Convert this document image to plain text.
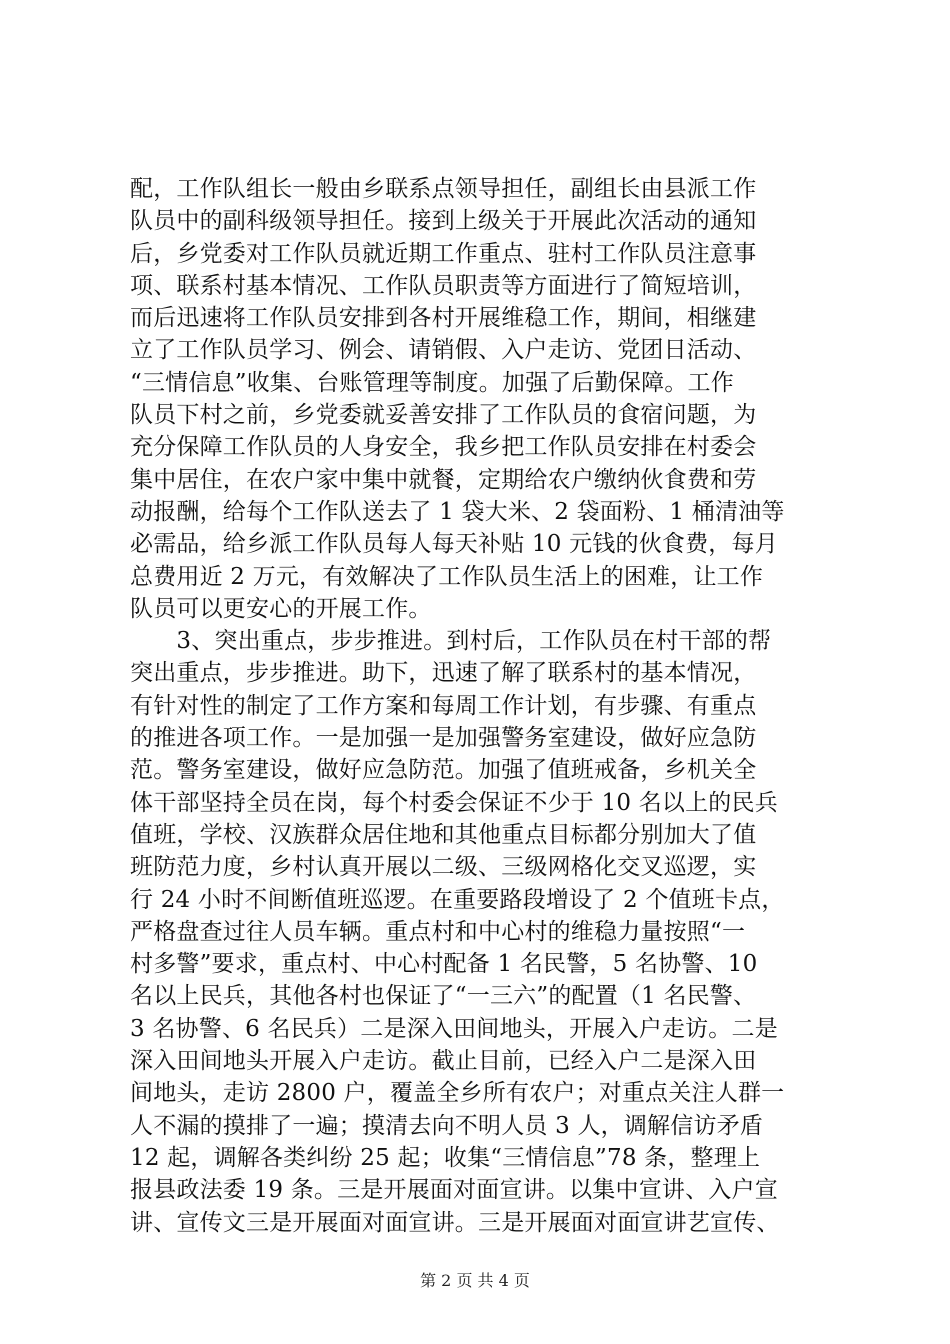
配，工作队组长一般由乡联系点领导担任，副组长由县派工作
队员中的副科级领导担任。接到上级关于开展此次活动的通知
后，乡党委对工作队员就近期工作重点、驻村工作队员注意事
项、联系村基本情况、工作队员职责等方面进行了简短培训，
而后迅速将工作队员安排到各村开展维稳工作，期间，相继建
立了工作队员学习、例会、请销假、入户走访、党团日活动、
“三情信息”收集、台账管理等制度。加强了后勤保障。工作
队员下村之前，乡党委就妥善安排了工作队员的食宿问题，为
充分保障工作队员的人身安全，我乡把工作队员安排在村委会
集中居住，在农户家中集中就餐，定期给农户缴纳伙食费和劳
动报酬，给每个工作队送去了 1 袋大米、2 袋面粉、1 桶清油等
必需品，给乡派工作队员每人每天补贴 10 元钱的伙食费，每月
总费用近 2 万元，有效解决了工作队员生活上的困难，让工作
队员可以更安心的开展工作。
　　3、突出重点，步步推进。到村后，工作队员在村干部的帮
突出重点，步步推进。助下，迅速了解了联系村的基本情况，
有针对性的制定了工作方案和每周工作计划，有步骤、有重点
的推进各项工作。一是加强一是加强警务室建设，做好应急防
范。警务室建设，做好应急防范。加强了值班戒备，乡机关全
体干部坚持全员在岗，每个村委会保证不少于 10 名以上的民兵
值班，学校、汉族群众居住地和其他重点目标都分别加大了值
班防范力度，乡村认真开展以二级、三级网格化交叉巡逻，实
行 24 小时不间断值班巡逻。在重要路段增设了 2 个值班卡点，
严格盘查过往人员车辆。重点村和中心村的维稳力量按照“一
村多警”要求，重点村、中心村配备 1 名民警，5 名协警、10
名以上民兵，其他各村也保证了“一三六”的配置（1 名民警、
3 名协警、6 名民兵）二是深入田间地头，开展入户走访。二是
深入田间地头开展入户走访。截止目前，已经入户二是深入田
间地头，走访 2800 户，覆盖全乡所有农户；对重点关注人群一
人不漏的摸排了一遍；摸清去向不明人员 3 人，调解信访矛盾
12 起，调解各类纠纷 25 起；收集“三情信息”78 条，整理上
报县政法委 19 条。三是开展面对面宣讲。以集中宣讲、入户宣
讲、宣传文三是开展面对面宣讲。三是开展面对面宣讲艺宣传、
第 2 页 共 4 页
